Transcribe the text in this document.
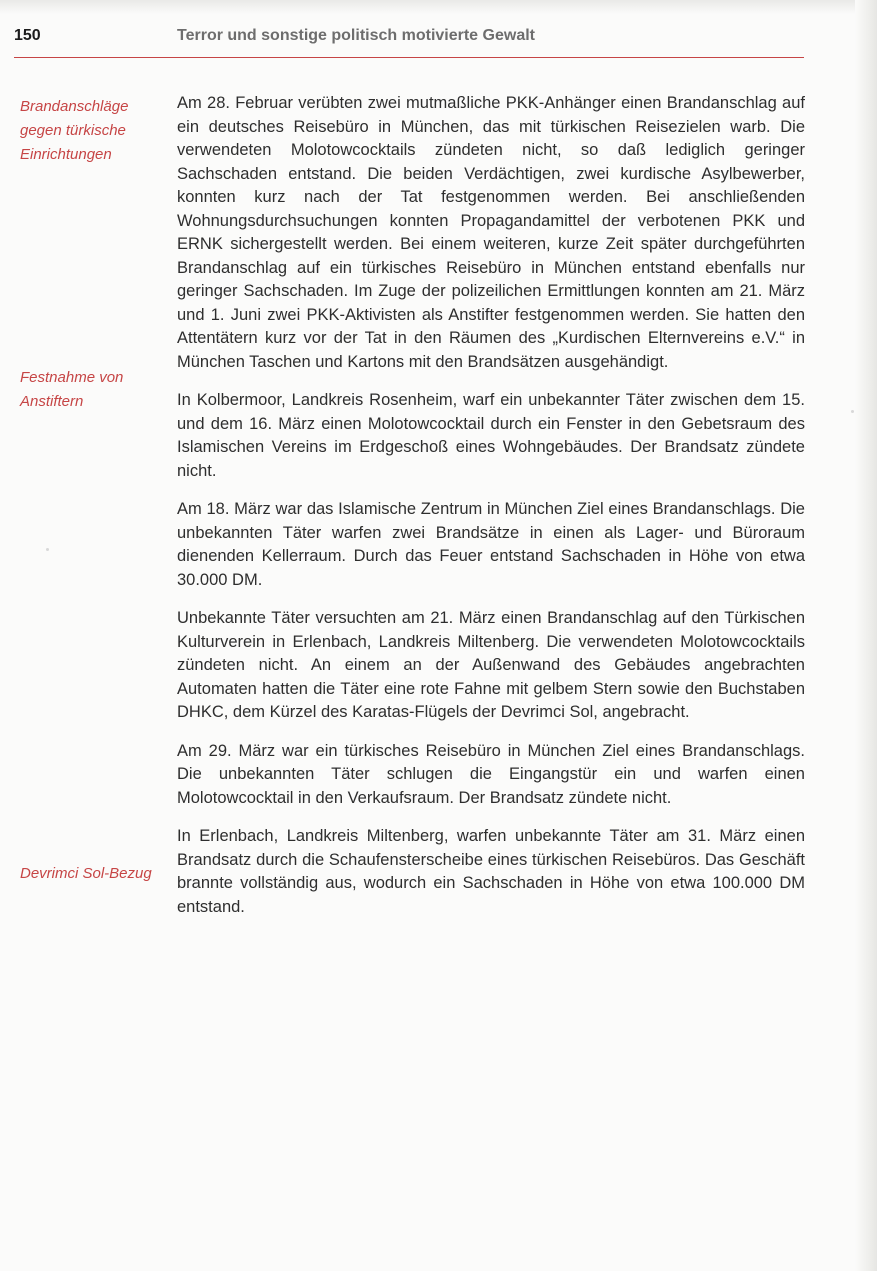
150	Terror und sonstige politisch motivierte Gewalt
Brandanschläge gegen türkische Einrichtungen
Festnahme von Anstiftern
Devrimci Sol-Bezug

Am 28. Februar verübten zwei mutmaßliche PKK-Anhänger einen Brandanschlag auf ein deutsches Reisebüro in München, das mit türkischen Reisezielen warb. Die verwendeten Molotowcocktails zündeten nicht, so daß lediglich geringer Sachschaden entstand. Die beiden Verdächtigen, zwei kurdische Asylbewerber, konnten kurz nach der Tat festgenommen werden. Bei anschließenden Wohnungsdurchsuchungen konnten Propagandamittel der verbotenen PKK und ERNK sichergestellt werden. Bei einem weiteren, kurze Zeit später durchgeführten Brandanschlag auf ein türkisches Reisebüro in München entstand ebenfalls nur geringer Sachschaden. Im Zuge der polizeilichen Ermittlungen konnten am 21. März und 1. Juni zwei PKK-Aktivisten als Anstifter festgenommen werden. Sie hatten den Attentätern kurz vor der Tat in den Räumen des „Kurdischen Elternvereins e.V.“ in München Taschen und Kartons mit den Brandsätzen ausgehändigt.

In Kolbermoor, Landkreis Rosenheim, warf ein unbekannter Täter zwischen dem 15. und dem 16. März einen Molotowcocktail durch ein Fenster in den Gebetsraum des Islamischen Vereins im Erdgeschoß eines Wohngebäudes. Der Brandsatz zündete nicht.

Am 18. März war das Islamische Zentrum in München Ziel eines Brandanschlags. Die unbekannten Täter warfen zwei Brandsätze in einen als Lager- und Büroraum dienenden Kellerraum. Durch das Feuer entstand Sachschaden in Höhe von etwa 30.000 DM.

Unbekannte Täter versuchten am 21. März einen Brandanschlag auf den Türkischen Kulturverein in Erlenbach, Landkreis Miltenberg. Die verwendeten Molotowcocktails zündeten nicht. An einem an der Außenwand des Gebäudes angebrachten Automaten hatten die Täter eine rote Fahne mit gelbem Stern sowie den Buchstaben DHKC, dem Kürzel des Karatas-Flügels der Devrimci Sol, angebracht.

Am 29. März war ein türkisches Reisebüro in München Ziel eines Brandanschlags. Die unbekannten Täter schlugen die Eingangstür ein und warfen einen Molotowcocktail in den Verkaufsraum. Der Brandsatz zündete nicht.

In Erlenbach, Landkreis Miltenberg, warfen unbekannte Täter am 31. März einen Brandsatz durch die Schaufensterscheibe eines türkischen Reisebüros. Das Geschäft brannte vollständig aus, wodurch ein Sachschaden in Höhe von etwa 100.000 DM entstand.
